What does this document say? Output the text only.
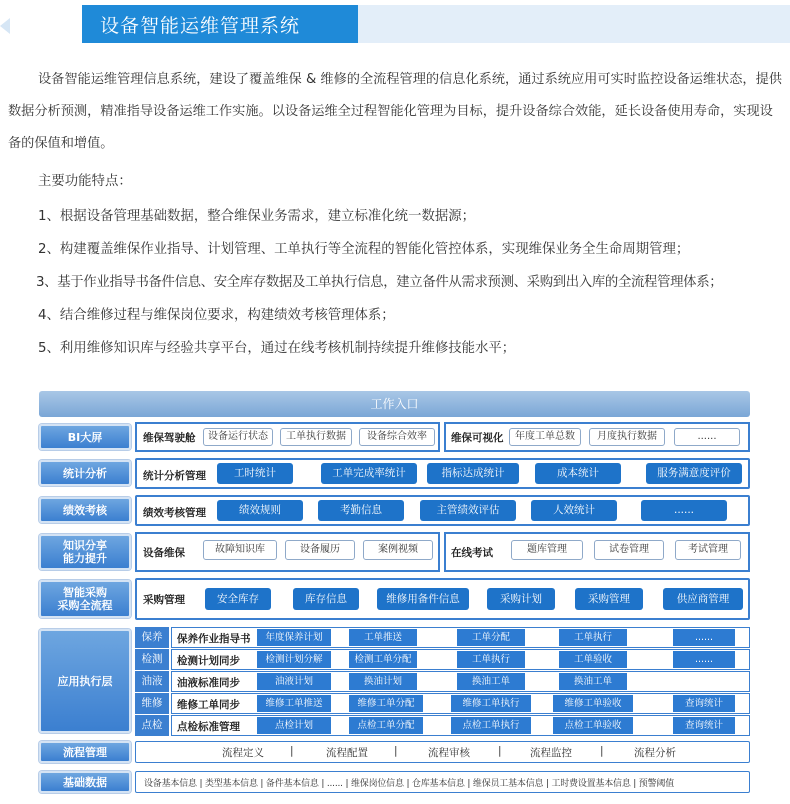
设备智能运维管理系统

设备智能运维管理信息系统，建设了覆盖维保 & 维修的全流程管理的信息化系统，通过系统应用可实时监控设备运维状态，提供数据分析预测，精准指导设备运维工作实施。以设备运维全过程智能化管理为目标，提升设备综合效能，延长设备使用寿命，实现设备的保值和增值。

主要功能特点：
1、根据设备管理基础数据，整合维保业务需求，建立标准化统一数据源；
2、构建覆盖维保作业指导、计划管理、工单执行等全流程的智能化管控体系，实现维保业务全生命周期管理；
3、基于作业指导书备件信息、安全库存数据及工单执行信息，建立备件从需求预测、采购到出入库的全流程管理体系；
4、结合维修过程与维保岗位要求，构建绩效考核管理体系；
5、利用维修知识库与经验共享平台，通过在线考核机制持续提升维修技能水平；
工作入口
BI大屏
统计分析
绩效考核
知识分享
能力提升
智能采购
采购全流程
应用执行层
流程管理
基础数据
维保驾驶舱	设备运行状态	工单执行数据	设备综合效率	维保可视化	年度工单总数	月度执行数据	......
统计分析管理	工时统计	工单完成率统计	指标达成统计	成本统计	服务满意度评价
绩效考核管理	绩效规则	考勤信息	主管绩效评估	人效统计	......
设备维保	故障知识库	设备履历	案例视频	在线考试	题库管理	试卷管理	考试管理
采购管理	安全库存	库存信息	维修用备件信息	采购计划	采购管理	供应商管理
保养	保养作业指导书	年度保养计划	工单推送	工单分配	工单执行	......
检测	检测计划同步	检测计划分解	检测工单分配	工单执行	工单验收	......
油液	油液标准同步	油液计划	换油计划	换油工单	换油工单
维修	维修工单同步	维修工单推送	维修工单分配	维修工单执行	维修工单验收	查询统计
点检	点检标准管理	点检计划	点检工单分配	点检工单执行	点检工单验收	查询统计
流程定义 |	流程配置 |	流程审核	|	流程监控	|	流程分析
设备基本信息 | 类型基本信息 | 备件基本信息 | ...... | 维保岗位信息 | 仓库基本信息 | 维保员工基本信息 | 工时费设置基本信息 | 预警阈值
